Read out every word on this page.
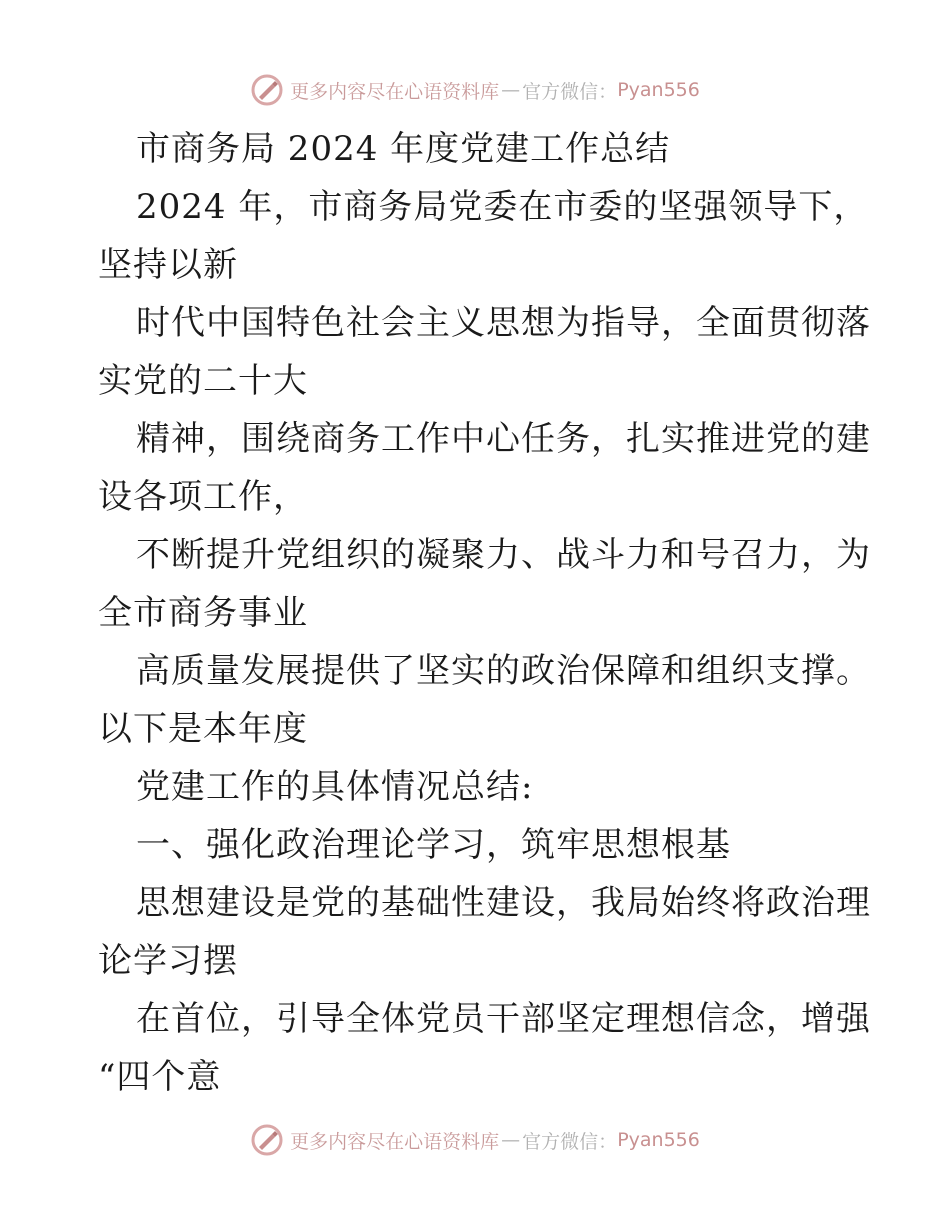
更多内容尽在心语资料库 — 官方微信： Pyan556
市商务局 2024 年度党建工作总结
2024 年，市商务局党委在市委的坚强领导下，
坚持以新
时代中国特色社会主义思想为指导，全面贯彻落
实党的二十大
精神，围绕商务工作中心任务，扎实推进党的建
设各项工作，
不断提升党组织的凝聚力、战斗力和号召力，为
全市商务事业
高质量发展提供了坚实的政治保障和组织支撑。
以下是本年度
党建工作的具体情况总结:
一、强化政治理论学习，筑牢思想根基
思想建设是党的基础性建设，我局始终将政治理
论学习摆
在首位，引导全体党员干部坚定理想信念，增强
“四个意
更多内容尽在心语资料库 — 官方微信： Pyan556
